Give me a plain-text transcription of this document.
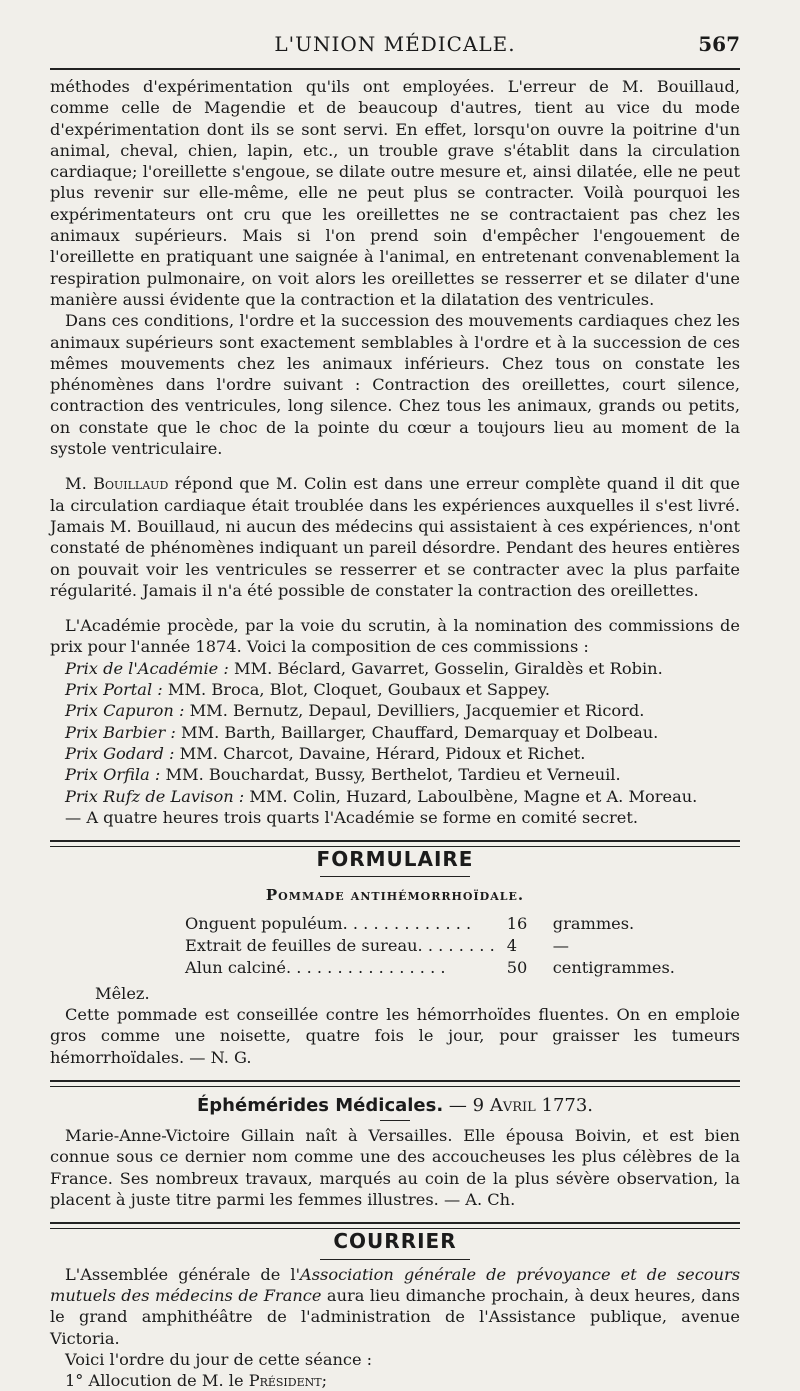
L'UNION MÉDICALE.	567

méthodes d'expérimentation qu'ils ont employées. L'erreur de M. Bouillaud, comme celle de Magendie et de beaucoup d'autres, tient au vice du mode d'expérimentation dont ils se sont servi. En effet, lorsqu'on ouvre la poitrine d'un animal, cheval, chien, lapin, etc., un trouble grave s'établit dans la circulation cardiaque; l'oreillette s'engoue, se dilate outre mesure et, ainsi dilatée, elle ne peut plus revenir sur elle-même, elle ne peut plus se contracter. Voilà pourquoi les expérimentateurs ont cru que les oreillettes ne se contractaient pas chez les animaux supérieurs. Mais si l'on prend soin d'empêcher l'engouement de l'oreillette en pratiquant une saignée à l'animal, en entretenant convenablement la respiration pulmonaire, on voit alors les oreillettes se resserrer et se dilater d'une manière aussi évidente que la contraction et la dilatation des ventricules.

Dans ces conditions, l'ordre et la succession des mouvements cardiaques chez les animaux supérieurs sont exactement semblables à l'ordre et à la succession de ces mêmes mouvements chez les animaux inférieurs. Chez tous on constate les phénomènes dans l'ordre suivant : Contraction des oreillettes, court silence, contraction des ventricules, long silence. Chez tous les animaux, grands ou petits, on constate que le choc de la pointe du cœur a toujours lieu au moment de la systole ventriculaire.

M. Bouillaud répond que M. Colin est dans une erreur complète quand il dit que la circulation cardiaque était troublée dans les expériences auxquelles il s'est livré. Jamais M. Bouillaud, ni aucun des médecins qui assistaient à ces expériences, n'ont constaté de phénomènes indiquant un pareil désordre. Pendant des heures entières on pouvait voir les ventricules se resserrer et se contracter avec la plus parfaite régularité. Jamais il n'a été possible de constater la contraction des oreillettes.

L'Académie procède, par la voie du scrutin, à la nomination des commissions de prix pour l'année 1874. Voici la composition de ces commissions :

Prix de l'Académie : MM. Béclard, Gavarret, Gosselin, Giraldès et Robin.
Prix Portal : MM. Broca, Blot, Cloquet, Goubaux et Sappey.
Prix Capuron : MM. Bernutz, Depaul, Devilliers, Jacquemier et Ricord.
Prix Barbier : MM. Barth, Baillarger, Chauffard, Demarquay et Dolbeau.
Prix Godard : MM. Charcot, Davaine, Hérard, Pidoux et Richet.
Prix Orfila : MM. Bouchardat, Bussy, Berthelot, Tardieu et Verneuil.
Prix Rufz de Lavison : MM. Colin, Huzard, Laboulbène, Magne et A. Moreau.

— A quatre heures trois quarts l'Académie se forme en comité secret.

FORMULAIRE
Pommade antihémorrhoïdale.
Onguent populéum. . . . . . . . . . . . .	16	grammes.
Extrait de feuilles de sureau. . . . . . . .	4	—
Alun calciné. . . . . . . . . . . . . . . .	50	centigrammes.

Mêlez.

Cette pommade est conseillée contre les hémorrhoïdes fluentes. On en emploie gros comme une noisette, quatre fois le jour, pour graisser les tumeurs hémorrhoïdales. — N. G.

Éphémérides Médicales. — 9 Avril 1773.

Marie-Anne-Victoire Gillain naît à Versailles. Elle épousa Boivin, et est bien connue sous ce dernier nom comme une des accoucheuses les plus célèbres de la France. Ses nombreux travaux, marqués au coin de la plus sévère observation, la placent à juste titre parmi les femmes illustres. — A. Ch.

COURRIER

L'Assemblée générale de l'Association générale de prévoyance et de secours mutuels des médecins de France aura lieu dimanche prochain, à deux heures, dans le grand amphithéâtre de l'administration de l'Assistance publique, avenue Victoria.

Voici l'ordre du jour de cette séance :

1° Allocution de M. le Président;
